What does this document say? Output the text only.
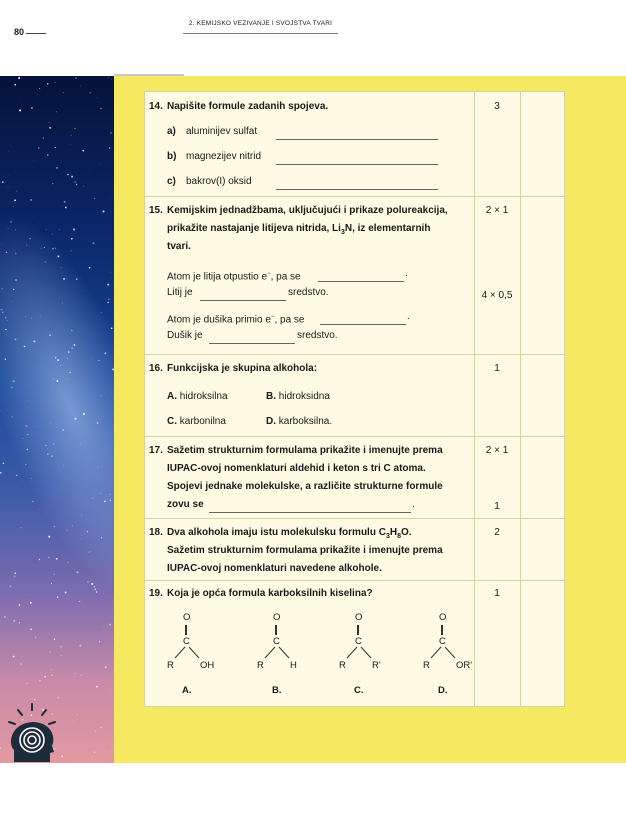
80
2. KEMIJSKO VEZIVANJE I SVOJSTVA TVARI
14. Napišite formule zadanih spojeva.	3
a) aluminijev sulfat
b) magnezijev nitrid
c) bakrov(I) oksid
15. Kemijskim jednadžbama, uključujući i prikaze polureakcija,
prikažite nastajanje litijeva nitrida, $Li_3N$, iz elementarnih
tvari.
2 × 1
4 × 0,5
Atom je litija otpustio e−, pa se	.
Litij je	sredstvo.
Atom je dušika primio e−, pa se	.
Dušik je	sredstvo.
16. Funkcijska je skupina alkohola:	1
A. hidroksilna	B. hidroksidna
C. karbonilna	D. karboksilna.
17. Sažetim strukturnim formulama prikažite i imenujte prema
IUPAC-ovoj nomenklaturi aldehid i keton s tri C atoma.
Spojevi jednake molekulske, a različite strukturne formule
zovu se	.
2 × 1
1
18. Dva alkohola imaju istu molekulsku formulu $C_3H_8O$.
Sažetim strukturnim formulama prikažite i imenujte prema
IUPAC-ovoj nomenklaturi navedene alkohole.
2
19. Koja je opća formula karboksilnih kiselina?	1
O
C
R	OH
A.
O
C
R	H
B.
O
C
R	R'
C.
O
C
R	OR'
D.
